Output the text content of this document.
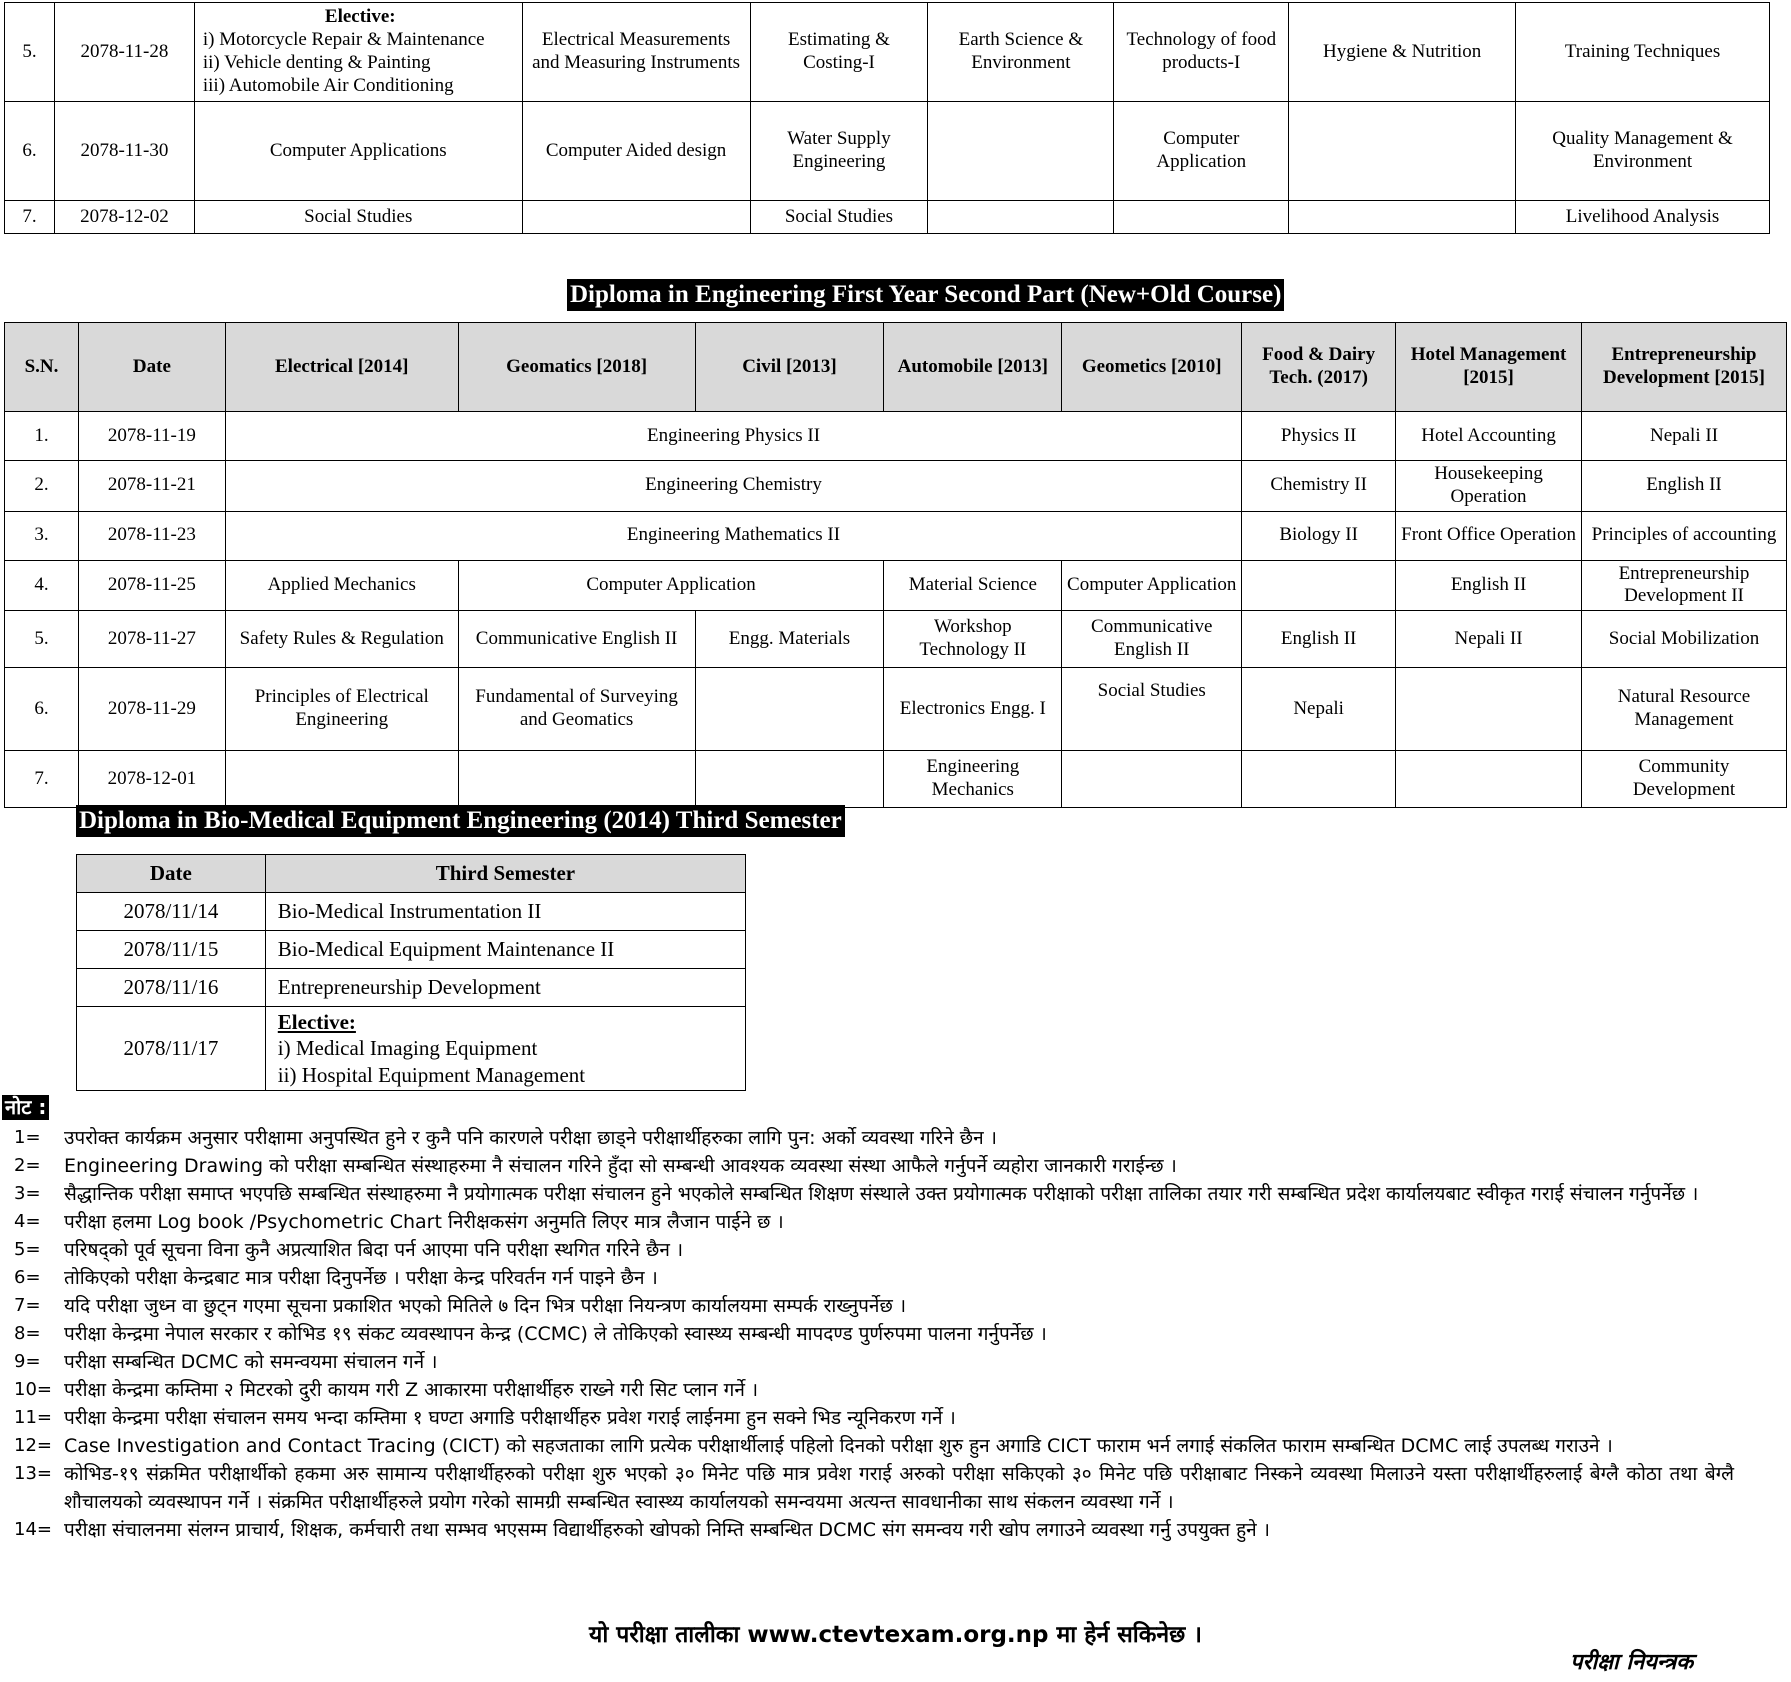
5.	2078-11-28	Elective:
i) Motorcycle Repair & Maintenance
ii) Vehicle denting & Painting
iii) Automobile Air Conditioning	Electrical Measurements and Measuring Instruments	Estimating & Costing-I	Earth Science & Environment	Technology of food products-I	Hygiene & Nutrition	Training Techniques
6.	2078-11-30	Computer Applications	Computer Aided design	Water Supply Engineering		Computer Application		Quality Management & Environment
7.	2078-12-02	Social Studies		Social Studies				Livelihood Analysis
Diploma in Engineering First Year Second Part (New+Old Course)
S.N.	Date	Electrical [2014]	Geomatics [2018]	Civil [2013]	Automobile [2013]	Geometics [2010]	Food & Dairy Tech. (2017)	Hotel Management [2015]	Entrepreneurship Development [2015]
1.	2078-11-19	Engineering Physics II					Physics II	Hotel Accounting	Nepali II
2.	2078-11-21	Engineering Chemistry					Chemistry II	Housekeeping Operation	English II
3.	2078-11-23	Engineering Mathematics II					Biology II	Front Office Operation	Principles of accounting
4.	2078-11-25	Applied Mechanics	Computer Application		Material Science	Computer Application		English II	Entrepreneurship Development II
5.	2078-11-27	Safety Rules & Regulation	Communicative English II	Engg. Materials	Workshop Technology II	Communicative English II	English II	Nepali II	Social Mobilization
6.	2078-11-29	Principles of Electrical Engineering	Fundamental of Surveying and Geomatics		Electronics Engg. I	Social Studies	Nepali		Natural Resource Management
7.	2078-12-01				Engineering Mechanics				Community Development
Diploma in Bio-Medical Equipment Engineering (2014) Third Semester
Date	Third Semester
2078/11/14	Bio-Medical Instrumentation II
2078/11/15	Bio-Medical Equipment Maintenance II
2078/11/16	Entrepreneurship Development
2078/11/17	Elective:
i) Medical Imaging Equipment
ii) Hospital Equipment Management
नोट :
1=	उपरोक्त कार्यक्रम अनुसार परीक्षामा अनुपस्थित हुने र कुनै पनि कारणले परीक्षा छाड्ने परीक्षार्थीहरुका लागि पुन: अर्को व्यवस्था गरिने छैन ।
2=	Engineering Drawing को परीक्षा सम्बन्धित संस्थाहरुमा नै संचालन गरिने हुँदा सो सम्बन्धी आवश्यक व्यवस्था संस्था आफैले गर्नुपर्ने व्यहोरा जानकारी गराईन्छ ।
3=	सैद्धान्तिक परीक्षा समाप्त भएपछि सम्बन्धित संस्थाहरुमा नै प्रयोगात्मक परीक्षा संचालन हुने भएकोले सम्बन्धित शिक्षण संस्थाले उक्त प्रयोगात्मक परीक्षाको परीक्षा तालिका तयार गरी सम्बन्धित प्रदेश कार्यालयबाट स्वीकृत गराई संचालन गर्नुपर्नेछ ।
4=	परीक्षा हलमा Log book /Psychometric Chart निरीक्षकसंग अनुमति लिएर मात्र लैजान पाईने छ ।
5=	परिषद्को पूर्व सूचना विना कुनै अप्रत्याशित बिदा पर्न आएमा पनि परीक्षा स्थगित गरिने छैन ।
6=	तोकिएको परीक्षा केन्द्रबाट मात्र परीक्षा दिनुपर्नेछ । परीक्षा केन्द्र परिवर्तन गर्न पाइने छैन ।
7=	यदि परीक्षा जुध्न वा छुट्न गएमा सूचना प्रकाशित भएको मितिले ७ दिन भित्र परीक्षा नियन्त्रण कार्यालयमा सम्पर्क राख्नुपर्नेछ ।
8=	परीक्षा केन्द्रमा नेपाल सरकार र कोभिड १९ संकट व्यवस्थापन केन्द्र (CCMC) ले तोकिएको स्वास्थ्य सम्बन्धी मापदण्ड पुर्णरुपमा पालना गर्नुपर्नेछ ।
9=	परीक्षा सम्बन्धित DCMC को समन्वयमा संचालन गर्ने ।
10= परीक्षा केन्द्रमा कम्तिमा २ मिटरको दुरी कायम गरी Z आकारमा परीक्षार्थीहरु राख्ने गरी सिट प्लान गर्ने ।
11= परीक्षा केन्द्रमा परीक्षा संचालन समय भन्दा कम्तिमा १ घण्टा अगाडि परीक्षार्थीहरु प्रवेश गराई लाईनमा हुन सक्ने भिड न्यूनिकरण गर्ने ।
12= Case Investigation and Contact Tracing (CICT) को सहजताका लागि प्रत्येक परीक्षार्थीलाई पहिलो दिनको परीक्षा शुरु हुन अगाडि CICT फाराम भर्न लगाई संकलित फाराम सम्बन्धित DCMC लाई उपलब्ध गराउने ।
13= कोभिड-१९ संक्रमित परीक्षार्थीको हकमा अरु सामान्य परीक्षार्थीहरुको परीक्षा शुरु भएको ३० मिनेट पछि मात्र प्रवेश गराई अरुको परीक्षा सकिएको ३० मिनेट पछि परीक्षाबाट निस्कने व्यवस्था मिलाउने यस्ता परीक्षार्थीहरुलाई बेग्लै कोठा तथा बेग्लै शौचालयको व्यवस्थापन गर्ने । संक्रमित परीक्षार्थीहरुले प्रयोग गरेको सामग्री सम्बन्धित स्वास्थ्य कार्यालयको समन्वयमा अत्यन्त सावधानीका साथ संकलन व्यवस्था गर्ने ।
14= परीक्षा संचालनमा संलग्न प्राचार्य, शिक्षक, कर्मचारी तथा सम्भव भएसम्म विद्यार्थीहरुको खोपको निम्ति सम्बन्धित DCMC संग समन्वय गरी खोप लगाउने व्यवस्था गर्नु उपयुक्त हुने ।
यो परीक्षा तालीका www.ctevtexam.org.np मा हेर्न सकिनेछ ।
परीक्षा नियन्त्रक
